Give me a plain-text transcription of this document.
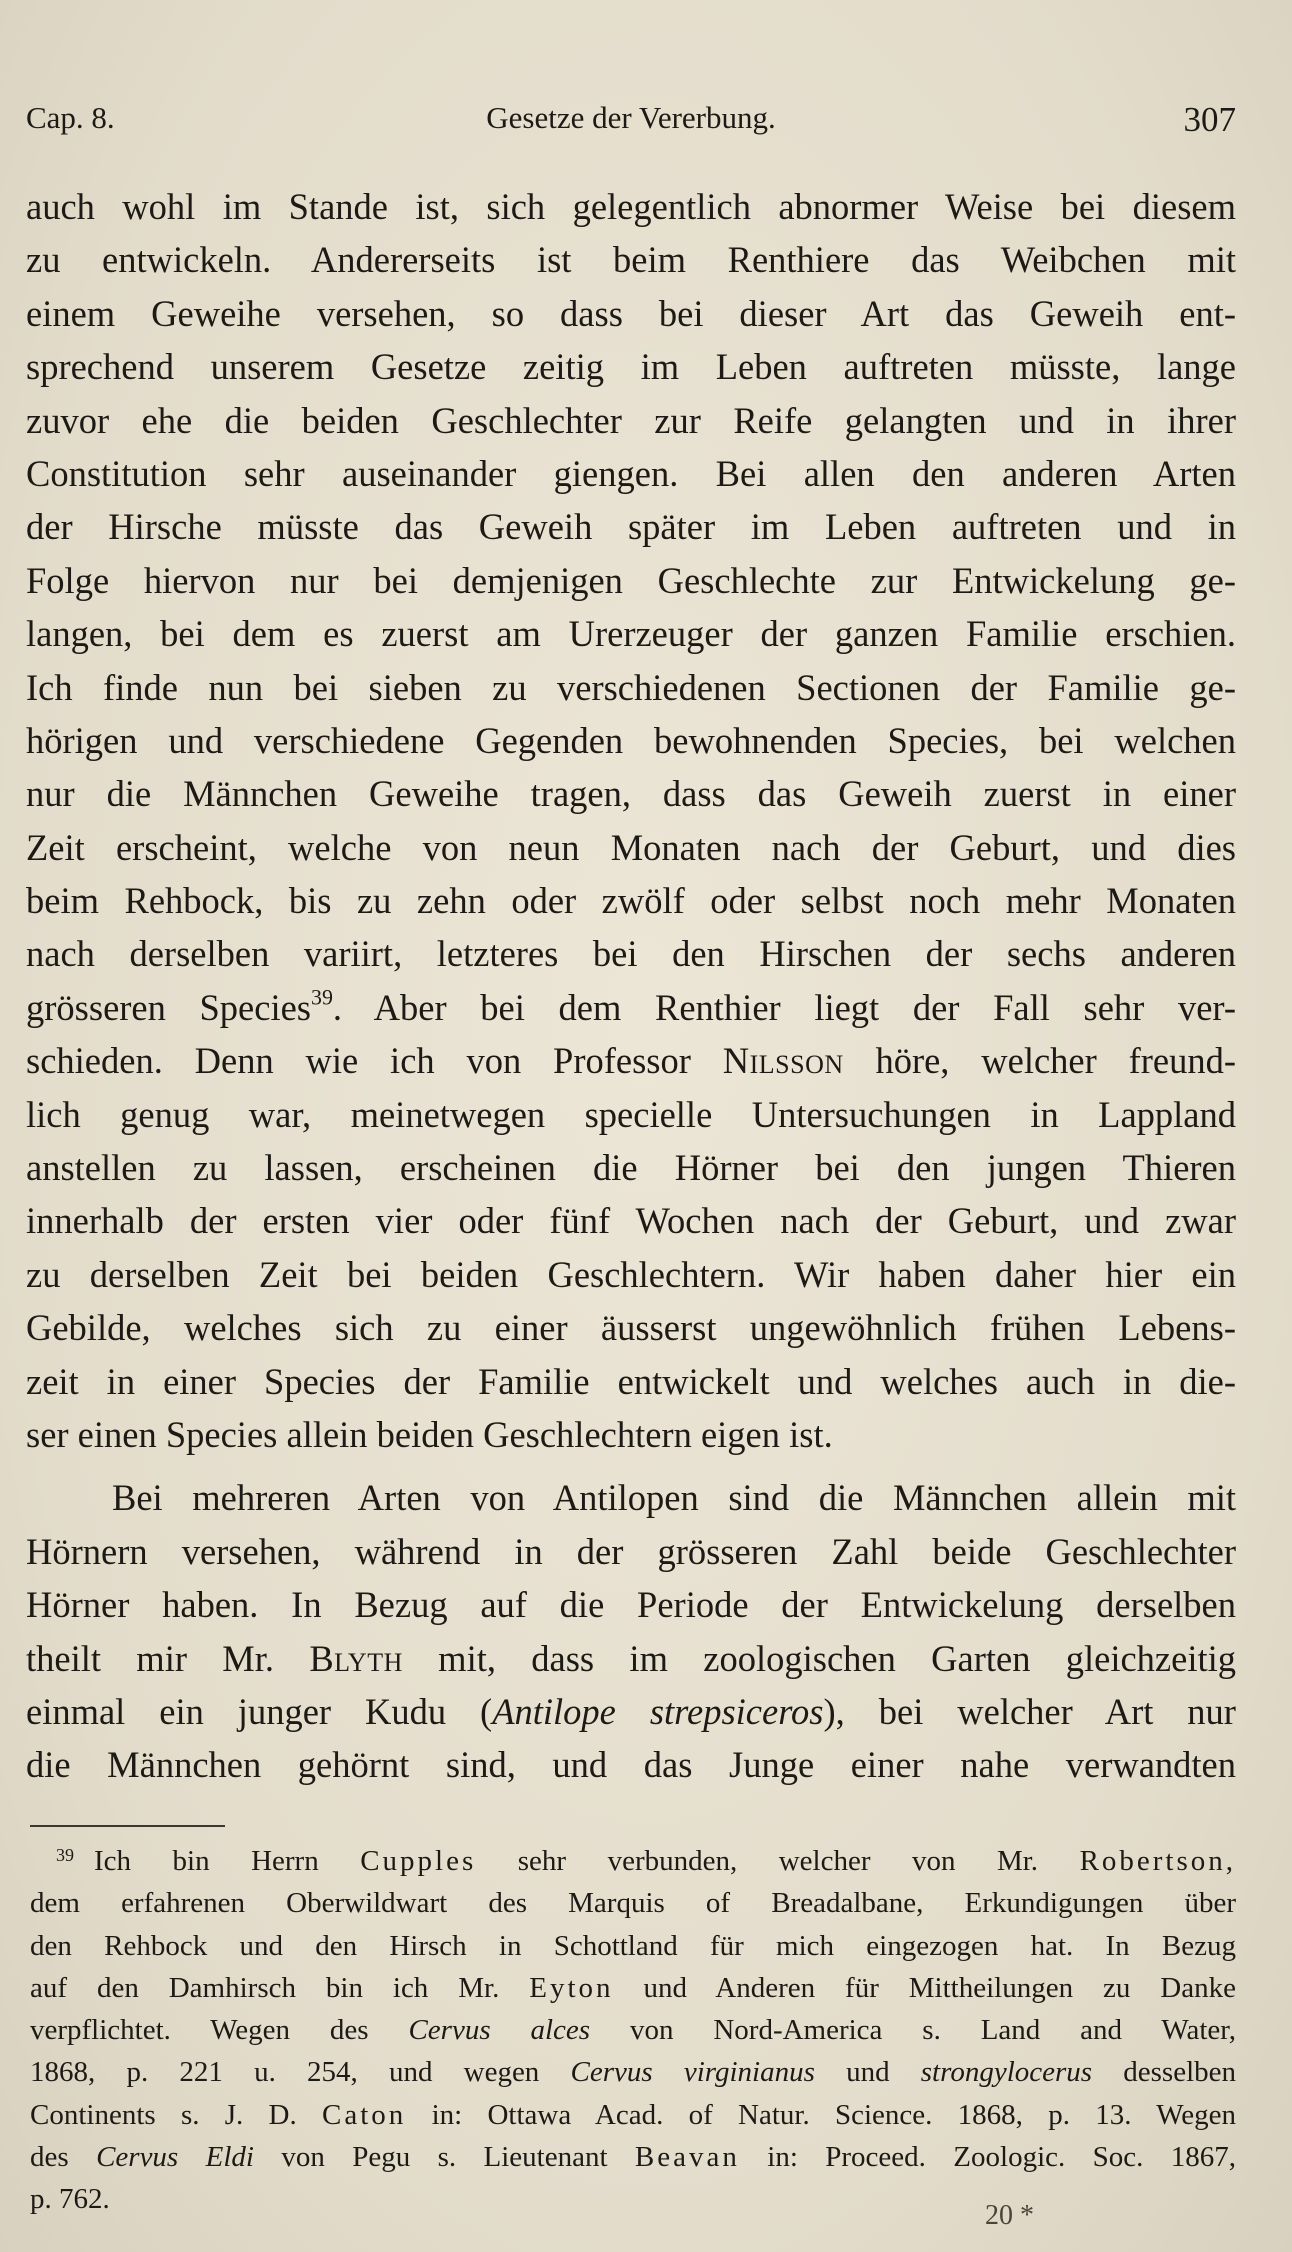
Cap. 8.	Gesetze der Vererbung.	307
auch wohl im Stande ist, sich gelegentlich abnormer Weise bei diesem
zu entwickeln. Andererseits ist beim Renthiere das Weibchen mit
einem Geweihe versehen, so dass bei dieser Art das Geweih ent-
sprechend unserem Gesetze zeitig im Leben auftreten müsste, lange
zuvor ehe die beiden Geschlechter zur Reife gelangten und in ihrer
Constitution sehr auseinander giengen. Bei allen den anderen Arten
der Hirsche müsste das Geweih später im Leben auftreten und in
Folge hiervon nur bei demjenigen Geschlechte zur Entwickelung ge-
langen, bei dem es zuerst am Urerzeuger der ganzen Familie erschien.
Ich finde nun bei sieben zu verschiedenen Sectionen der Familie ge-
hörigen und verschiedene Gegenden bewohnenden Species, bei welchen
nur die Männchen Geweihe tragen, dass das Geweih zuerst in einer
Zeit erscheint, welche von neun Monaten nach der Geburt, und dies
beim Rehbock, bis zu zehn oder zwölf oder selbst noch mehr Monaten
nach derselben variirt, letzteres bei den Hirschen der sechs anderen
grösseren Species$^{39}$. Aber bei dem Renthier liegt der Fall sehr ver-
schieden. Denn wie ich von Professor Nilsson höre, welcher freund-
lich genug war, meinetwegen specielle Untersuchungen in Lappland
anstellen zu lassen, erscheinen die Hörner bei den jungen Thieren
innerhalb der ersten vier oder fünf Wochen nach der Geburt, und zwar
zu derselben Zeit bei beiden Geschlechtern. Wir haben daher hier ein
Gebilde, welches sich zu einer äusserst ungewöhnlich frühen Lebens-
zeit in einer Species der Familie entwickelt und welches auch in die-
ser einen Species allein beiden Geschlechtern eigen ist.
Bei mehreren Arten von Antilopen sind die Männchen allein mit
Hörnern versehen, während in der grösseren Zahl beide Geschlechter
Hörner haben. In Bezug auf die Periode der Entwickelung derselben
theilt mir Mr. Blyth mit, dass im zoologischen Garten gleichzeitig
einmal ein junger Kudu (Antilope strepsiceros), bei welcher Art nur
die Männchen gehörnt sind, und das Junge einer nahe verwandten
39 Ich bin Herrn Cupples sehr verbunden, welcher von Mr. Robertson,
dem erfahrenen Oberwildwart des Marquis of Breadalbane, Erkundigungen über
den Rehbock und den Hirsch in Schottland für mich eingezogen hat. In Bezug
auf den Damhirsch bin ich Mr. Eyton und Anderen für Mittheilungen zu Danke
verpflichtet. Wegen des Cervus alces von Nord-America s. Land and Water,
1868, p. 221 u. 254, und wegen Cervus virginianus und strongylocerus desselben
Continents s. J. D. Caton in: Ottawa Acad. of Natur. Science. 1868, p. 13. Wegen
des Cervus Eldi von Pegu s. Lieutenant Beavan in: Proceed. Zoologic. Soc. 1867,
p. 762.
20 *
